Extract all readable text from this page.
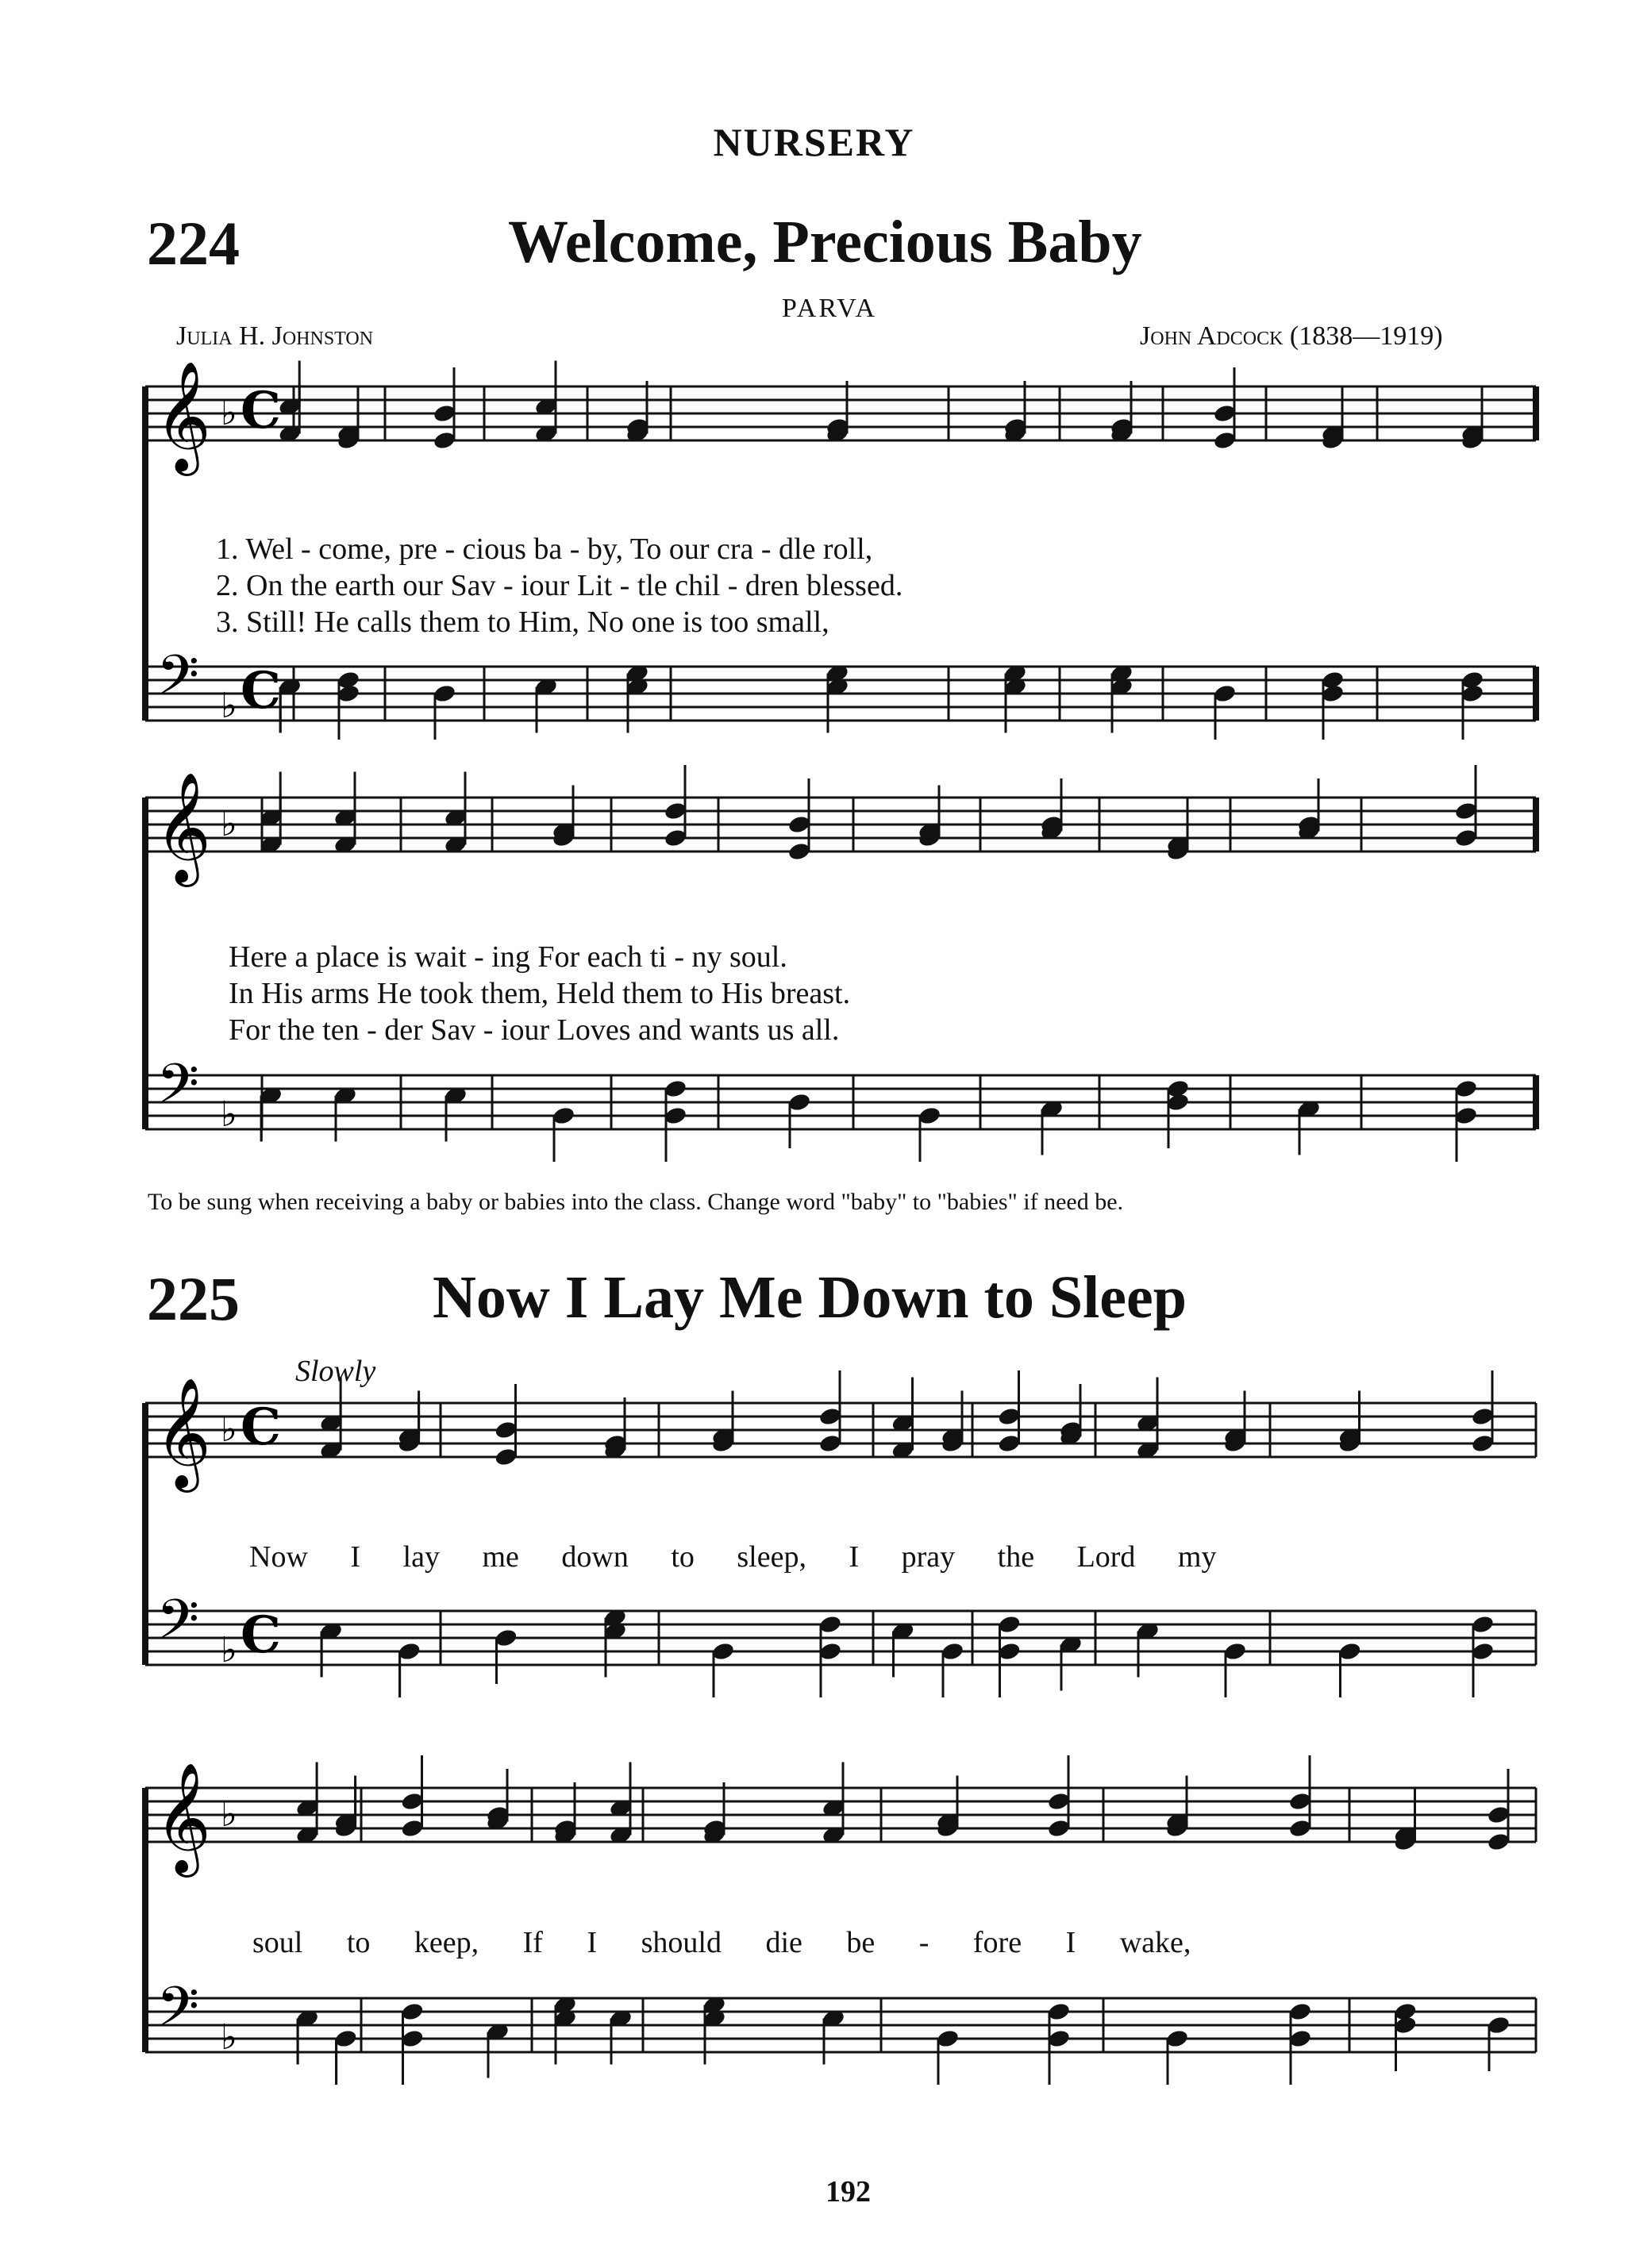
𝄞
𝄢
C
C
♭
♭
𝄞
𝄢
♭
♭
𝄞
𝄢
C
C
♭
♭
𝄞
𝄢
♭
♭
NURSERY
224	Welcome, Precious Baby
PARVA
Julia H. Johnston	John Adcock (1838—1919)
1. Wel - come, pre - cious ba - by, To our cra - dle roll,
2. On the earth our Sav - iour Lit - tle chil - dren blessed.
3. Still! He calls them to Him, No one is too small,
Here a place is wait - ing For each ti - ny soul.
In His arms He took them, Held them to His breast.
For the ten - der Sav - iour Loves and wants us all.
To be sung when receiving a baby or babies into the class. Change word "baby" to "babies" if need be.
225	Now I Lay Me Down to Sleep
Slowly
Now I lay me down to sleep, I pray the Lord my
soul to keep, If I should die be - fore I wake,
192
